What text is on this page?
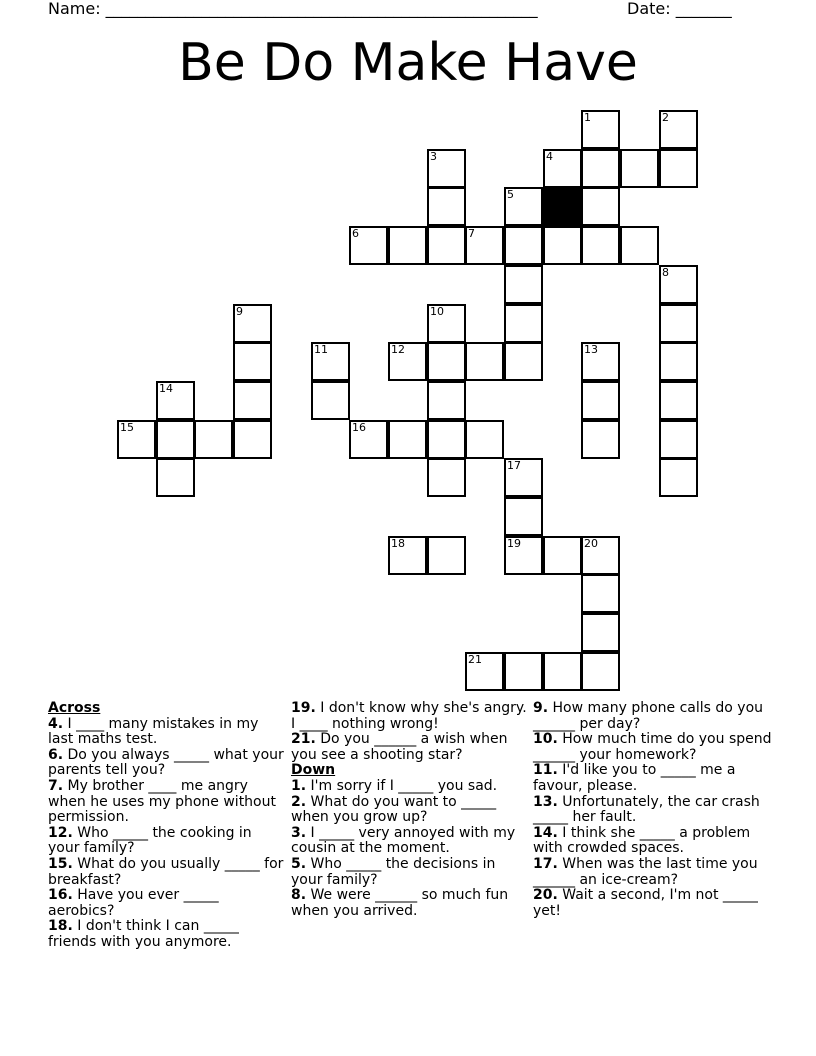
Name: ______________________________________________________	Date: _______
Be Do Make Have
1	2
3	4
5
6	7
8
9	10
11	12	13
14
15	16
17
18	19	20
21
Across
4. I ____ many mistakes in my last maths test.
6. Do you always _____ what your parents tell you?
7. My brother ____ me angry when he uses my phone without permission.
12. Who _____ the cooking in your family?
15. What do you usually _____ for breakfast?
16. Have you ever _____ aerobics?
18. I don't think I can _____ friends with you anymore.
19. I don't know why she's angry. I ____ nothing wrong!
21. Do you ______ a wish when you see a shooting star?
Down
1. I'm sorry if I _____ you sad.
2. What do you want to _____ when you grow up?
3. I _____ very annoyed with my cousin at the moment.
5. Who _____ the decisions in your family?
8. We were ______ so much fun when you arrived.
9. How many phone calls do you ______ per day?
10. How much time do you spend ______ your homework?
11. I'd like you to _____ me a favour, please.
13. Unfortunately, the car crash _____ her fault.
14. I think she _____ a problem with crowded spaces.
17. When was the last time you ______ an ice-cream?
20. Wait a second, I'm not _____ yet!
